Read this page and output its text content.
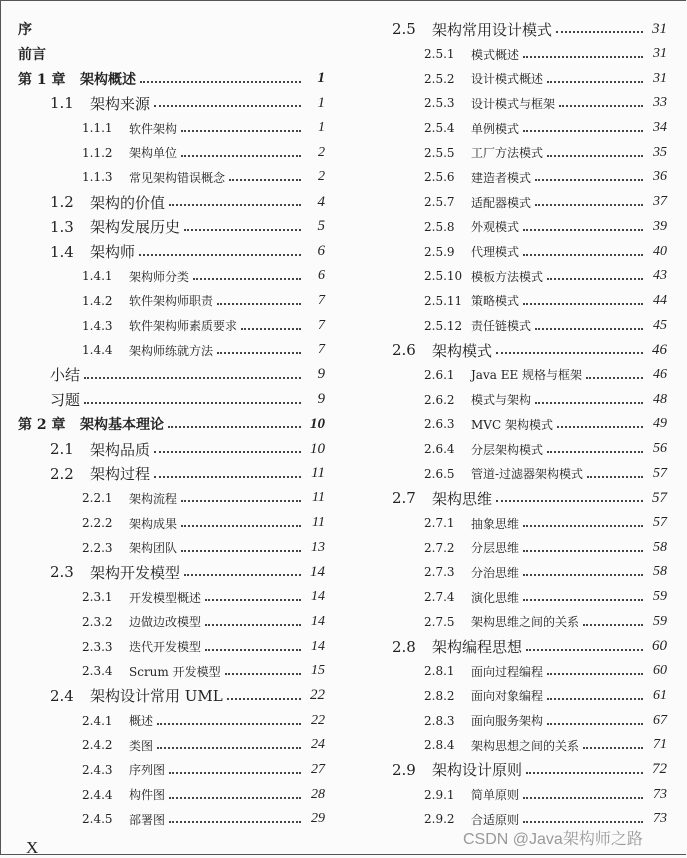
序
前言
第 1 章	架构概述	1
1.1	架构来源	1
1.1.1	软件架构	1
1.1.2	架构单位	2
1.1.3	常见架构错误概念	2
1.2	架构的价值	4
1.3	架构发展历史	5
1.4	架构师	6
1.4.1	架构师分类	6
1.4.2	软件架构师职责	7
1.4.3	软件架构师素质要求	7
1.4.4	架构师练就方法	7
小结	9
习题	9
第 2 章	架构基本理论	10
2.1	架构品质	10
2.2	架构过程	11
2.2.1	架构流程	11
2.2.2	架构成果	11
2.2.3	架构团队	13
2.3	架构开发模型	14
2.3.1	开发模型概述	14
2.3.2	边做边改模型	14
2.3.3	迭代开发模型	14
2.3.4	Scrum 开发模型	15
2.4	架构设计常用 UML	22
2.4.1	概述	22
2.4.2	类图	24
2.4.3	序列图	27
2.4.4	构件图	28
2.4.5	部署图	29
2.5	架构常用设计模式	31
2.5.1	模式概述	31
2.5.2	设计模式概述	31
2.5.3	设计模式与框架	33
2.5.4	单例模式	34
2.5.5	工厂方法模式	35
2.5.6	建造者模式	36
2.5.7	适配器模式	37
2.5.8	外观模式	39
2.5.9	代理模式	40
2.5.10 模板方法模式	43
2.5.11 策略模式	44
2.5.12 责任链模式	45
2.6	架构模式	46
2.6.1	Java EE 规格与框架	46
2.6.2	模式与架构	48
2.6.3	MVC 架构模式	49
2.6.4	分层架构模式	56
2.6.5	管道-过滤器架构模式	57
2.7	架构思维	57
2.7.1	抽象思维	57
2.7.2	分层思维	58
2.7.3	分治思维	58
2.7.4	演化思维	59
2.7.5	架构思维之间的关系	59
2.8	架构编程思想	60
2.8.1	面向过程编程	60
2.8.2	面向对象编程	61
2.8.3	面向服务架构	67
2.8.4	架构思想之间的关系	71
2.9	架构设计原则	72
2.9.1	简单原则	73
2.9.2	合适原则	73
X	CSDN @Java架构师之路
